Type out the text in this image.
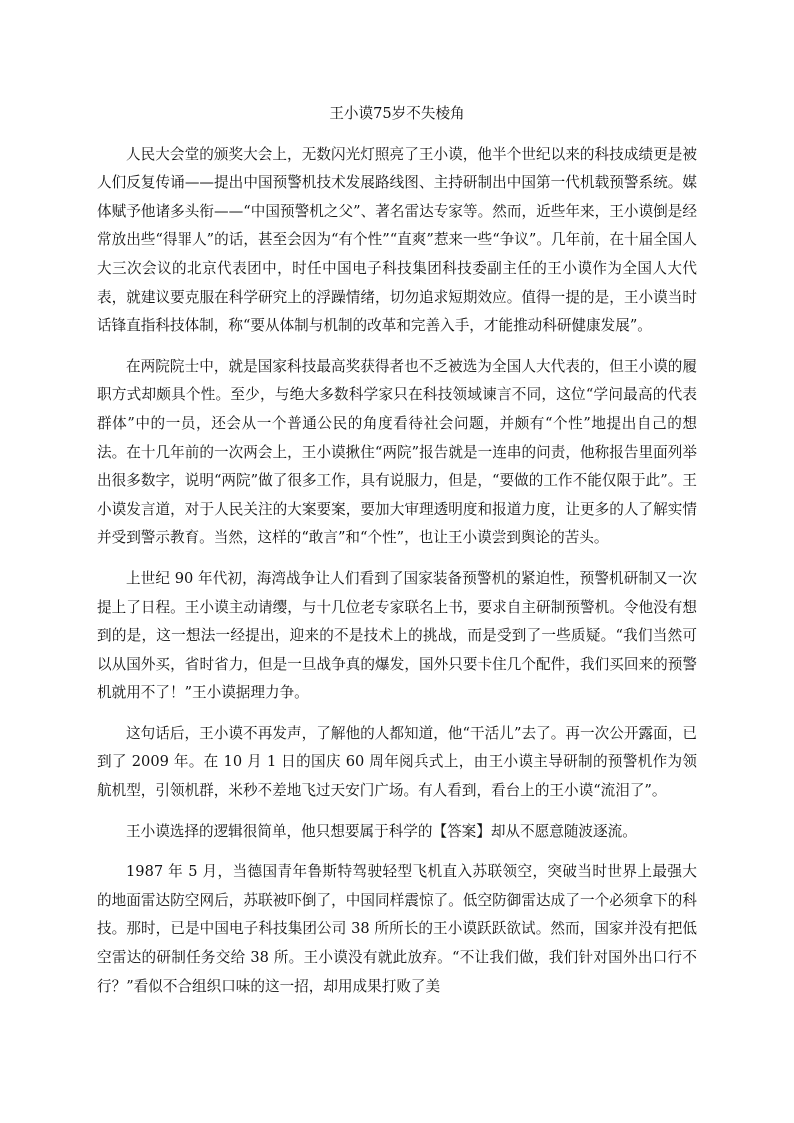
王小谟75岁不失棱角

人民大会堂的颁奖大会上，无数闪光灯照亮了王小谟，他半个世纪以来的科技成绩更是被人们反复传诵——提出中国预警机技术发展路线图、主持研制出中国第一代机载预警系统。媒体赋予他诸多头衔——“中国预警机之父”、著名雷达专家等。然而，近些年来，王小谟倒是经常放出些“得罪人”的话，甚至会因为“有个性”“直爽”惹来一些“争议”。几年前，在十届全国人大三次会议的北京代表团中，时任中国电子科技集团科技委副主任的王小谟作为全国人大代表，就建议要克服在科学研究上的浮躁情绪，切勿追求短期效应。值得一提的是，王小谟当时话锋直指科技体制，称“要从体制与机制的改革和完善入手，才能推动科研健康发展”。

在两院院士中，就是国家科技最高奖获得者也不乏被选为全国人大代表的，但王小谟的履职方式却颇具个性。至少，与绝大多数科学家只在科技领域谏言不同，这位“学问最高的代表群体”中的一员，还会从一个普通公民的角度看待社会问题，并颇有“个性”地提出自己的想法。在十几年前的一次两会上，王小谟揪住“两院”报告就是一连串的问责，他称报告里面列举出很多数字，说明“两院”做了很多工作，具有说服力，但是，“要做的工作不能仅限于此”。王小谟发言道，对于人民关注的大案要案，要加大审理透明度和报道力度，让更多的人了解实情并受到警示教育。当然，这样的“敢言”和“个性”，也让王小谟尝到舆论的苦头。

上世纪 90 年代初，海湾战争让人们看到了国家装备预警机的紧迫性，预警机研制又一次提上了日程。王小谟主动请缨，与十几位老专家联名上书，要求自主研制预警机。令他没有想到的是，这一想法一经提出，迎来的不是技术上的挑战，而是受到了一些质疑。“我们当然可以从国外买，省时省力，但是一旦战争真的爆发，国外只要卡住几个配件，我们买回来的预警机就用不了！”王小谟据理力争。

这句话后，王小谟不再发声，了解他的人都知道，他“干活儿”去了。再一次公开露面，已到了 2009 年。在 10 月 1 日的国庆 60 周年阅兵式上，由王小谟主导研制的预警机作为领航机型，引领机群，米秒不差地飞过天安门广场。有人看到，看台上的王小谟“流泪了”。

王小谟选择的逻辑很简单，他只想要属于科学的【答案】却从不愿意随波逐流。

1987 年 5 月，当德国青年鲁斯特驾驶轻型飞机直入苏联领空，突破当时世界上最强大的地面雷达防空网后，苏联被吓倒了，中国同样震惊了。低空防御雷达成了一个必须拿下的科技。那时，已是中国电子科技集团公司 38 所所长的王小谟跃跃欲试。然而，国家并没有把低空雷达的研制任务交给 38 所。王小谟没有就此放弃。“不让我们做，我们针对国外出口行不行？”看似不合组织口味的这一招，却用成果打败了美
